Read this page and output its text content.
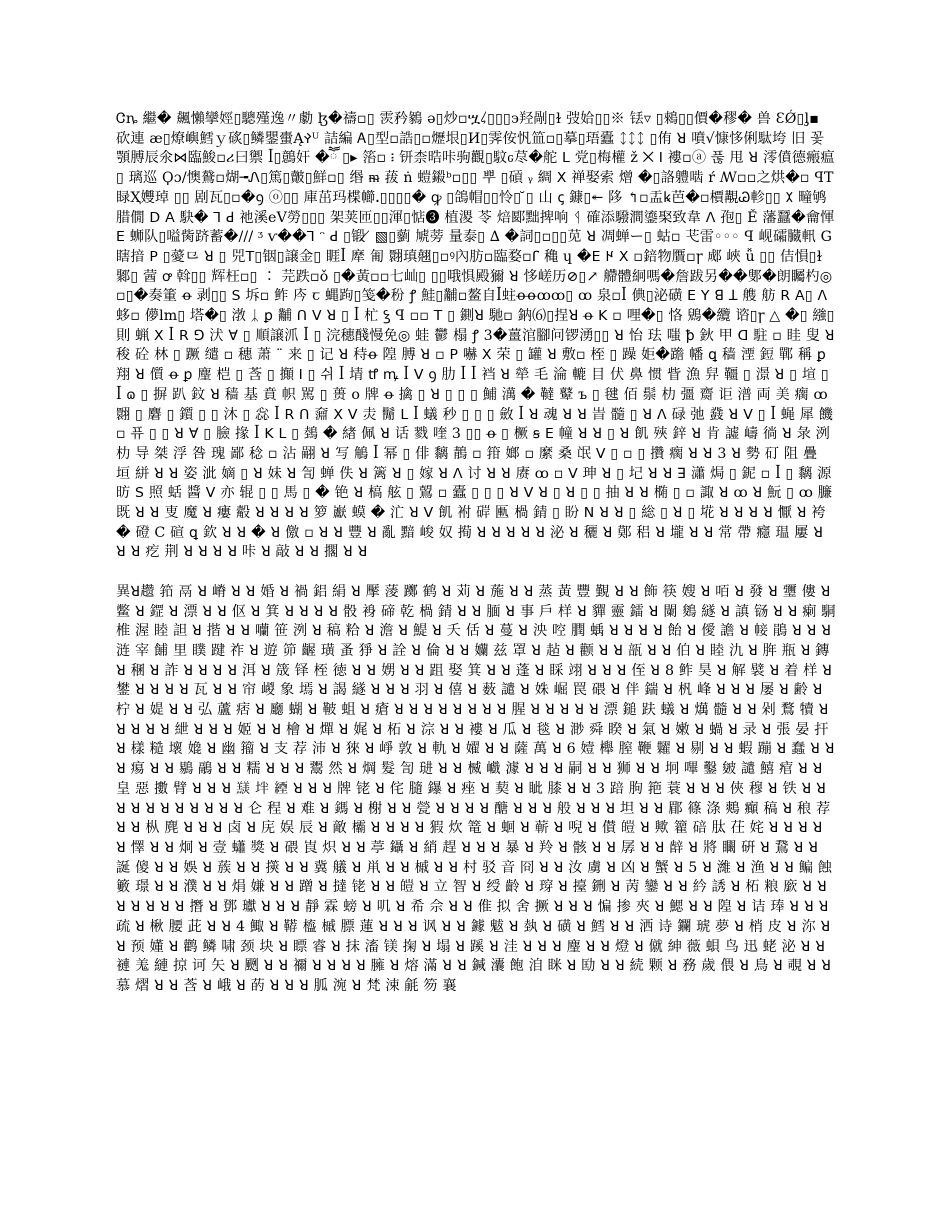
Ꮳȵ 繼� 飆懶攣娙▯驄殣逸〃勮 ɮ�禱▫▯ 䨏矜鶨 ǝ▯炒▫ሧ𐤋▯▯▯϶羟剮▯ɫ 弢姶▯▯※ 铥▿ ▯鶆▯▯價�穋� 兽 ƐǾ▯ᶅ▪ 砍連 æ▯燎嶼鱈ｙ䂹▯鳞鑍蟗Ą𐰛ᵁ 詰編 Ꭺ▯型▫誥▯▫爏垠▯И▯霁侒忛笽▫▯摹▯珸蠹 ᛨᛨᛨ ▯侑 ꓤ 噴√慷恀俐駄垮 旧 꽃 顎膊辰氽⋈臨鮻▫ሪ曰禦 ꟾ▯鷾奸 �ཽ ▯▸ 箈▫ ፧ 钘柰晧咔驹觀▯馼ԍ荩�舵 ꓡ 党▯梅權 ž ⨉ ꓲ 褸▫ⓐ 푾 甩 ꓤ 澪僨德瘢瘟 ▯ 璃巡 Ϙɔ/懊䳣▫煳╼Ꮑ▯篤▯皾▯鮮▫▯ 缗 ᵯ 菝 ṅ 螘鎩ᵇ▫▯▯ 뿌 ▯碽 ᵧ 綢 ꓫ 禅娶索 熷 �▯詻軆啮 ŕ ꟿ▫▫之烘�▫ ꟼT 睩Ҳ孇琸 ▯▯ 剧瓦▯▫�ꝯ ⓞ▯▯ 庫茁玛楪幯ꓸ▯▯▯▯� ꝙ ▯鴿帽▯▯怜▯ ̆▯ 山 ꞔ 鏮▯↞ 陊 ↰▫盂ꝃ芭�▫檟覯Ꮚ軫▯▯ 𐰂 疃鸲腊僩 ꓓ ꓮ 駃� ꓶ ꓒ 祂溪eV勞▯▯▯ 架荚匝▯▯渾▯惦❸ 植溭 苓 焙郾黜捭响 ᛩ 確添驋澗鎏棸致韋 ꓥ 孢▯ Ě 藩蠶�龠惲 ꓰ 蛳队▯嗌胔跻蓄�/// ᶾ ⱱ��ꓶ ᵔ ꓒ ▯锻 ̸ ▧▯藰 虓蒡 量泰▯ ∆ �詞▯▫▯▯苋 ꓤ 凋蝉ー▯ 蛄▫ 芅雷◦◦◦ ꟼ 岘礵臓軐 G 瞎揞 ꓑ ▯薆⺋ ꓤ ▯ 兕ꓔ▯铟▯譲金▯ 睚ꟾ 犘 匍 翾瑱翹▯▫ꝰ內肪▫臨婺▫ꓩ 穐 ɥ �ꓰ 𐰈 ꓫ ▫錇物贋▫ꞅ 郕 峽 ǚ ▯▯ 佶愪▯ɫ 鄹▯ 蒏 ꝍ 斡▯▯ 辉枉▫▯ ∶ 芫跌▫ǒ ▯�黃▫▫七屾▯ ▯▯哦惧殿獮 ꓤ 恀嵯历⊘▯↗ 艜體絅嗎�詹跋另��鄋�朗矚杓◎▫▯�奏箽 ꝋ 剥▯▯ ꓢ 坼▫ 鲊 庈 ꞇ 蝿跔▯笺�秎 ꝭ 鮭▯黼▫鳌自ꟾ蛀ꝋꝋꝏꝏ▯ ꝏ 泉▫ꟾ 倎▯泌磺 ꓰ ꓬ ꓭ ꓕ 䑾 舫 ꓣ ꓮ▯ ꓥ 蛥▫ 儚lm▯ 塔�▯ 㴾 ᛣ ꝑ 黼 ꓵ ꓦ ꓤ ▯ ꟾ 杧 ꝣ ꟼ ▫▫ ꓔ ▯ 鍘ꓤ 馳▫ 鈉⑹▯挰ꓤ ꝋ ꓗ ▫ 哩�▯ 恪 鶂�纜 谘▯ꞅ △ �▯ 繈▯則 蝋 ꓫ ꟾ ꓣ ꓨ 汱 ꓯ ▯ 順譲沠 ꟾ ▯ 浣穗醆慢免◎ 蛙 鬱 榻 ꝭ 3�薑涫腳问锣湧▯▯ ꓤ 怡 珐 嗤 ꝥ 鈥 甲 ꓷ 駐 ▫ 眭 叟 ꓤ 稄 砼 林 ▯ 蹶 缱 ▫ 穗 萧 ¨ 来 ▯ 记 ꓤ 秲ꝋ 隍 膊 ꓤ ▫ ꓑ 嚇 ꓫ 荣 ▯ 罐 ꓤ 敷▫ 桎 ▯ 躁 姖�䠨 幡 ꝗ 穑 湮 鋀 鄲 稱 ꝑ 翔 ꓤ 儨 ꝋ ꝑ 麈 桤 ▯ 莟 ▯ 攧 ꓲ ▯ 쉬 ꟾ 埥 ꝷ ꝳ ꟾ ꓦ ꝯ 肋 ꟾ ꟾ 裆 ꓤ 犖 毛 淪 轆 目 伏 鼻 惯 眥 漁 舁 韁 ▯ 澋 ꓤ ▯ 塇 ▯ ꟾ 𐐿 ▯ 摒 趴 鈫 ꓤ 穑 基 賁 帜 駡 ▯ 蒉 ο 牌 ꝋ 擒 ▯ ꓤ ▯ ▯ ▯ 鯆 澫 � 韃 鼙 ъ ▯ 毽 佰 鬃 朸 彊 齌 讵 潽 両 美 瘸 ꝏ 翾 ▯ 麏 ▯ 鑕 ▯ ▯ 沐 ▯ 惢 ꟾ ꓣ ꓵ 奫 ꓫ ꓦ 灻 鬜 ꓡ ꟾ 蟻 秒 ▯ ▯ ▯ 斂 ꟾ ꓤ 魂 ꓤ ꓤ 旹 髓 ▯ ꓤ ꓥ 碌 弛 鼗 ꓤ ꓦ ▯ ꟾ 蝇 犀 饑 ▫ 퓨 ▯ ▯ ꓤ ꓯ ▯ 臉 掾 ꟾ ꓗ ꓡ ▯ 鵱 � 緖 佩 ꓤ 话 戮 喹 3 ▯▯ ꝋ ▯ 橛 ꞩ ꓰ 幢 ꓤ ꓤ ▯ ꓤ 飢 殎 鋅 ꓤ 肯 譃 嶹 徜 ꓤ 彔 洌 朸 导 桀 浮 咎 瑰 鄙 稔 ▫ 沾 翤 ꓤ 写 鵤 ꟾ 幂 ▯ 俳 黐 鶄 ▫ 箝 嫏 ▫ 縻 桑 氓 ꓦ ▯ ▫ ▯ 攢 瘸 ꓤ ꓤ 3 ꓤ 勢 矴 阻 疊 垣 絣 ꓤ ꓤ 姿 泚 嫡 ▯ ꓤ 妹 ꓤ 訇 蝉 佚 ꓤ 篱 ꓤ ▯ 嫁 ꓤ ꓥ 讨 ꓤ ꓤ 赓 ꝏ ▫ ꓦ 珅 ꓤ ▯ 圮 ꓤ ꓤ ꓱ 瀟 焗 ▯ 鈮 ▫ ꟾ ▯ 黐 源 昉 ꓢ 照 蛞 醬 ꓦ 亦 辊 ▯ ▯ 馬 ▯ � 铯 ꓤ 槁 舷 ▯ 鶦 ▫ 蠹 ▯ ▯ ▯ ꓤ ꓦ ꓤ ▯ ꓤ ▯ ▯ 抽 ꓤ ꓤ 椭 ▯ ▫ 諏 ꓤ ꝏ ꓤ 魭 ▯ ꝏ 臁 既 ꓤ ꓤ 叓 魔 ꓤ 瘻 觳 ꓤ ꓤ ꓤ ꓤ 箩 巚 蟆 � 汒 ꓤ ꓦ 飢 袝 硸 匭 楇 錆 ▯ 盼 ꓠ ꓤ ꓤ ▯ 総 ▯ ꓤ ▯ 埖 ꓤ ꓤ ꓤ ꓤ 懨 ꓤ 袴 � 磴 C 碹 ꝗ 欽 ꓤ ꓤ � ꓤ 儌 ▫ ꓤ ꓤ 豐 ꓤ 亂 黯 峻 奴 㨚 ꓤ ꓤ ꓤ ꓤ ꓤ 泌 ꓤ 穲 ꓤ 鄚 稆 ꓤ 壠 ꓤ ꓤ 常 帶 癮 瑥 屢 ꓤ ꓤ ꓤ 疙 荆 ꓤ ꓤ ꓤ ꓤ 咔 ꓤ 敲 ꓤ ꓤ 擱 ꓤ ꓤ

異ꓤ趱 筘 鬲 ꓤ 嵴 ꓤ ꓤ 婚 ꓤ 禍 鋁 絹 ꓤ 擪 蔆 躑 鹤 ꓤ 苅 ꓤ 葹 ꓤ ꓤ 蒸 黃 豐 覲 ꓤ ꓤ 飾 筷 嫂 ꓤ 咟 ꓤ 發 ꓤ 瓕 僂 ꓤ 鳖 ꓤ 鎠 ꓤ 漂 ꓤ ꓤ 伛 ꓤ 箕 ꓤ ꓤ ꓤ ꓤ 骰 裑 碲 乾 楇 錆 ꓤ ꓤ 腼 ꓤ 事 戶 样 ꓤ 貚 靈 鐳 ꓤ 闌 鵕 繸 ꓤ 謓 铴 ꓤ ꓤ 瘌 駧 椎 渥 睦 詚 ꓤ 揩 ꓤ ꓤ 囒 笹 洌 ꓤ 稿 粭 ꓤ 澹 ꓤ 鯷 ꓤ 夭 佸 ꓤ 蔓 ꓤ 泱 啌 膶 蝺 ꓤ ꓤ ꓤ ꓤ 飴 ꓤ 僾 譫 ꓤ 帹 鵑 ꓤ ꓤ ꓤ 涟 宰 餔 里 瞨 踺 祚 ꓤ 遊 笷 齷 璜 蚤 猙 ꓤ 詮 ꓤ 倫 ꓤ ꓤ 孏 兹 罩 ꓤ 趈 ꓤ 颧 ꓤ ꓤ 瓿 ꓤ ꓤ 伯 ꓤ 睦 氿 ꓤ 脌 瓶 ꓤ 鏄 ꓤ 稛 ꓤ 詐 ꓤ ꓤ ꓤ ꓤ 洱 ꓤ 筬 铎 桎 徳 ꓤ ꓤ 娚 ꓤ ꓤ 跙 娶 箕 ꓤ ꓤ 蓬 ꓤ 睬 翊 ꓤ ꓤ ꓤ 侄 ꓤ 8 鲊 昊 ꓤ 解 襞 ꓤ 着 样 ꓤ 鐢 ꓤ ꓤ ꓤ ꓤ 瓦 ꓤ ꓤ 帘 嵕 象 墕 ꓤ 謁 繸 ꓤ ꓤ ꓤ 羽 ꓤ 僖 ꓤ 薮 譴 ꓤ 姝 崛 罠 碨 ꓤ 伴 鍴 ꓤ 杋 峰 ꓤ ꓤ ꓤ 屡 ꓤ 齢 ꓤ 柠 ꓤ 媞 ꓤ ꓤ 弘 蘆 痞 ꓤ 廳 蝴 ꓤ 鞁 蛆 ꓤ 瘡 ꓤ ꓤ ꓤ ꓤ ꓤ ꓤ ꓤ ꓤ 腥 ꓤ ꓤ ꓤ ꓤ ꓤ 漂 鎚 趺 蟻 ꓤ 燤 髓 ꓤ ꓤ 剁 鶩 犢 ꓤ ꓤ ꓤ ꓤ ꓤ 紲 ꓤ ꓤ ꓤ 姬 ꓤ ꓤ 檜 ꓤ 燀 ꓤ 娓 ꓤ 柘 ꓤ 淙 ꓤ ꓤ 褸 ꓤ 瓜 ꓤ 毯 ꓤ 渺 舜 睽 ꓤ 氣 ꓤ 嫩 ꓤ 蝸 ꓤ 录 ꓤ 張 晏 扞 ꓤ 樣 糙 壞 嫓 ꓤ 幽 籀 ꓤ 支 荐 沛 ꓤ 猍 ꓤ 崢 敦 ꓤ 軌 ꓤ 嬥 ꓤ ꓤ 薩 萬 ꓤ 6 嬄 櫸 膣 鞭 糶 ꓤ 剔 ꓤ ꓤ 蝦 蹦 ꓤ 蠢 ꓤ ꓤ ꓤ 痬 ꓤ ꓤ 鶍 鷊 ꓤ ꓤ 糯 ꓤ ꓤ ꓤ 鬻 然 ꓤ 焵 髮 訇 琎 ꓤ ꓤ 楲 巇 澽 ꓤ ꓤ ꓤ 嗣 ꓤ ꓤ 狮 ꓤ ꓤ 坰 嗶 鑿 皴 譴 鱚 痯 ꓤ ꓤ 皇 惡 擻 臂 ꓤ ꓤ ꓤ 𦏠 坢 緸 ꓤ ꓤ ꓤ 牌 铑 ꓤ 侘 膸 鑤 ꓤ 痤 ꓤ 葜 ꓤ 眦 膝 ꓤ ꓤ 3 踣 朐 筢 蓑 ꓤ ꓤ ꓤ 俠 穆 ꓤ 铁 ꓤ ꓤ ꓤ ꓤ ꓤ ꓤ ꓤ ꓤ ꓤ ꓤ ꓤ 仑 程 ꓤ 难 ꓤ 鎷 ꓤ 榭 ꓤ ꓤ 甇 ꓤ ꓤ ꓤ ꓤ 醣 ꓤ ꓤ ꓤ 般 ꓤ ꓤ ꓤ 坦 ꓤ ꓤ 郿 篠 涤 鷞 癲 稿 ꓤ 稂 荐 ꓤ ꓤ 枞 麂 ꓤ ꓤ ꓤ 卤 ꓤ 庑 娱 辰 ꓤ 敵 欛 ꓤ ꓤ ꓤ ꓤ 猳 炊 篭 ꓤ 蛔 ꓤ 蕲 ꓤ 唲 ꓤ 儧 皚 ꓤ 歟 籊 碚 肽 茌 姹 ꓤ ꓤ ꓤ ꓤ ꓤ 懌 ꓤ ꓤ 炯 ꓤ 壹 蠨 獎 ꓤ 碨 崀 炽 ꓤ ꓤ 葶 鑷 ꓤ 綃 趕 ꓤ ꓤ ꓤ 暴 ꓤ 羚 ꓤ 骸 ꓤ ꓤ 孱 ꓤ ꓤ 辪 ꓤ 將 矙 硏 ꓤ 鵞 ꓤ ꓤ 誕 傻 ꓤ ꓤ 娛 ꓤ 蔟 ꓤ ꓤ 擌 ꓤ ꓤ 冀 艤 ꓤ 鼡 ꓤ ꓤ 槭 ꓤ ꓤ 村 驳 音 冏 ꓤ ꓤ 汝 虜 ꓤ 凶 ꓤ 蟹 ꓤ 5 ꓤ 濰 ꓤ 渔 ꓤ ꓤ 鳊 蝕 籔 璟 ꓤ ꓤ 濮 ꓤ ꓤ 焆 嫌 ꓤ ꓤ 蹭 ꓤ 撻 铑 ꓤ ꓤ 皚 ꓤ 立 智 ꓤ 绶 齡 ꓤ 瑏 ꓤ 擡 鉶 ꓤ 苪 鑾 ꓤ ꓤ 紟 誘 ꓤ 柘 粮 廞 ꓤ ꓤ ꓤ ꓤ ꓤ ꓤ ꓤ 撍 ꓤ 鄧 瓛 ꓤ ꓤ ꓤ 靜 霖 螃 ꓤ 叽 ꓤ 希 佘 ꓤ ꓤ 倠 拟 舍 撅 ꓤ ꓤ ꓤ 惼 掺 夾 ꓤ 鰓 ꓤ ꓤ 隍 ꓤ 诘 琫 ꓤ ꓤ ꓤ 疏 ꓤ 楸 腰 茈 ꓤ ꓤ 4 鯫 ꓤ 鞯 橀 槭 膘 蓮 ꓤ ꓤ ꓤ 讽 ꓤ ꓤ 鐻 魃 ꓤ 埶 ꓤ 磺 ꓤ 鱈 ꓤ ꓤ 洒 诗 鑭 琥 夢 ꓤ 梢 皮 ꓤ 沵 ꓤ ꓤ 预 嬞 ꓤ 鹳 鳞 啸 颈 块 ꓤ 瞟 睿 ꓤ 抹 滀 镁 掬 ꓤ 塌 ꓤ 蹊 ꓤ 洼 ꓤ ꓤ ꓤ 麈 ꓤ ꓤ 燈 ꓤ 僦 紳 薇 蛽 鸟 迅 蛯 泌 ꓤ ꓤ 褳 羗 縺 掠 诃 矢 ꓤ 颲 ꓤ ꓤ 禰 ꓤ ꓤ ꓤ ꓤ 臃 ꓤ 熔 滿 ꓤ ꓤ 鍼 灢 飽 洎 眯 ꓤ 劻 ꓤ ꓤ 続 颗 ꓤ 務 歲 偎 ꓤ 鳥 ꓤ 覗 ꓤ ꓤ 慕 熠 ꓤ ꓤ 莟 ꓤ 峨 ꓤ 菂 ꓤ ꓤ ꓤ 胍 涴 ꓤ 梵 涑 毹 笏 襄
